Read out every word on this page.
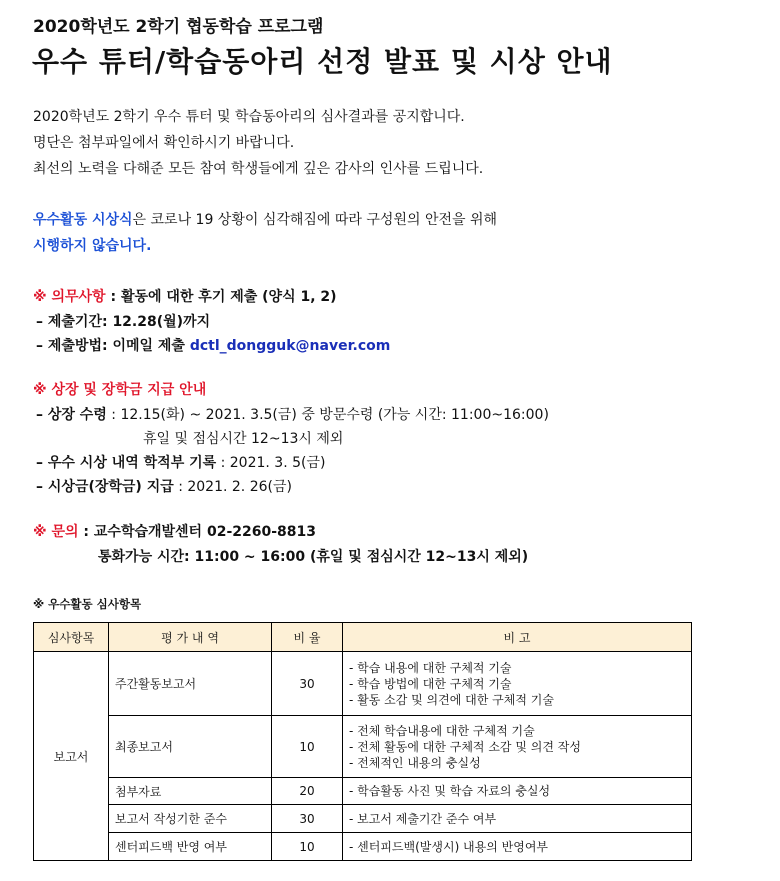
2020학년도 2학기 협동학습 프로그램
우수 튜터/학습동아리 선정 발표 및 시상 안내
2020학년도 2학기 우수 튜터 및 학습동아리의 심사결과를 공지합니다.
명단은 첨부파일에서 확인하시기 바랍니다.
최선의 노력을 다해준 모든 참여 학생들에게 깊은 감사의 인사를 드립니다.
우수활동 시상식은 코로나 19 상황이 심각해짐에 따라 구성원의 안전을 위해
시행하지 않습니다.
※ 의무사항 : 활동에 대한 후기 제출 (양식 1, 2)
– 제출기간: 12.28(월)까지
– 제출방법: 이메일 제출 dctl_dongguk@naver.com
※ 상장 및 장학금 지급 안내
– 상장 수령 : 12.15(화) ~ 2021. 3.5(금) 중 방문수령 (가능 시간: 11:00~16:00)
휴일 및 점심시간 12~13시 제외
– 우수 시상 내역 학적부 기록 : 2021. 3. 5(금)
– 시상금(장학금) 지급 : 2021. 2. 26(금)
※ 문의 : 교수학습개발센터 02-2260-8813
통화가능 시간: 11:00 ~ 16:00 (휴일 및 점심시간 12~13시 제외)
※ 우수활동 심사항목
심사항목	평 가 내 역	비 율	비 고
보고서	주간활동보고서	30	- 학습 내용에 대한 구체적 기술
- 학습 방법에 대한 구체적 기술
- 활동 소감 및 의견에 대한 구체적 기술

	최종보고서	10	- 전체 학습내용에 대한 구체적 기술
- 전체 활동에 대한 구체적 소감 및 의견 작성
- 전체적인 내용의 충실성

	첨부자료	20	- 학습활동 사진 및 학습 자료의 충실성

	보고서 작성기한 준수	30	- 보고서 제출기간 준수 여부

	센터피드백 반영 여부	10	- 센터피드백(발생시) 내용의 반영여부
